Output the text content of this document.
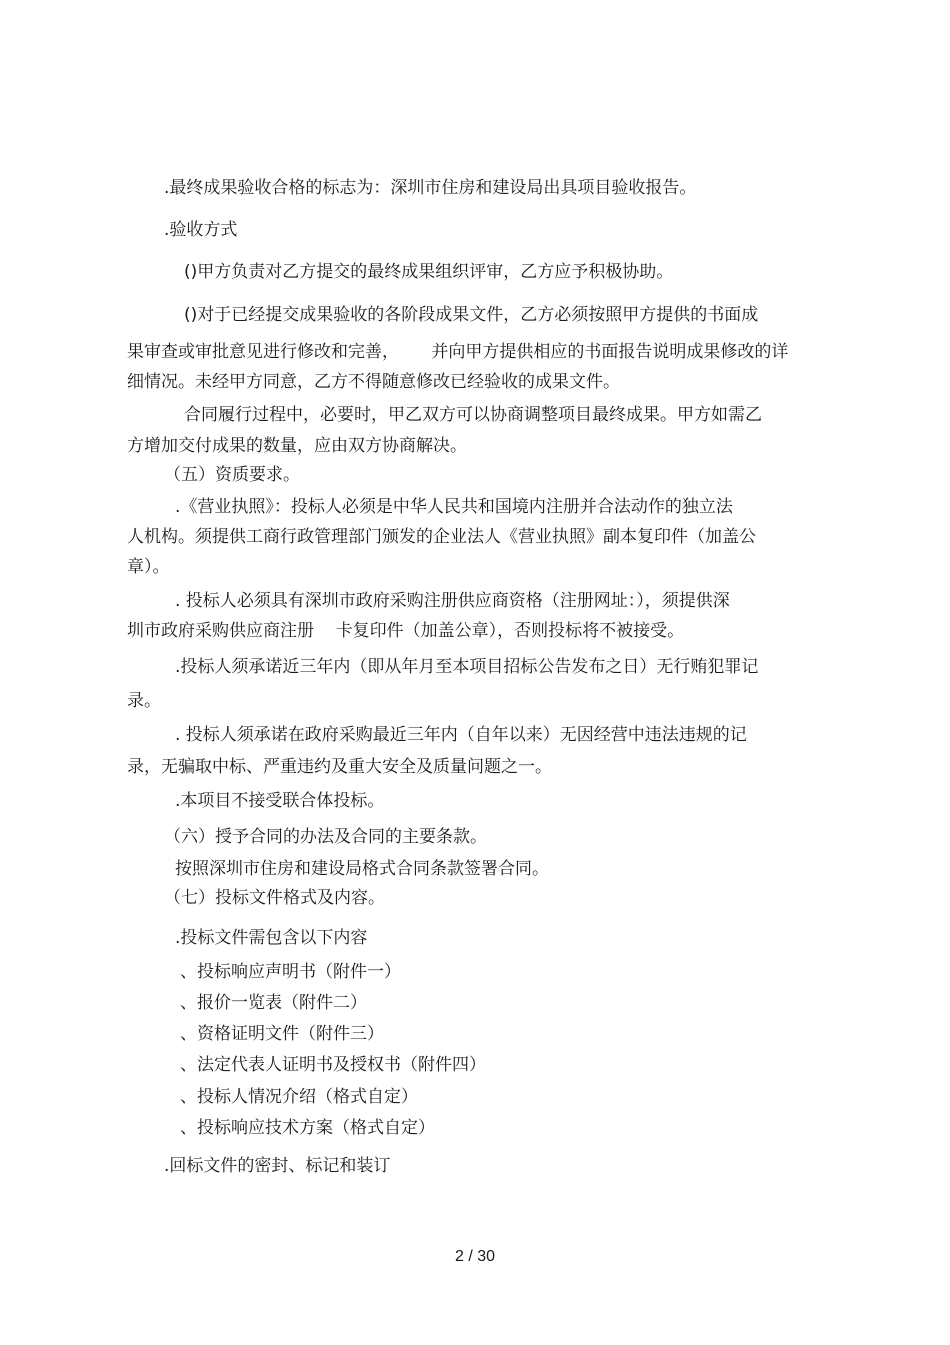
.最终成果验收合格的标志为：深圳市住房和建设局出具项目验收报告。
.验收方式
()甲方负责对乙方提交的最终成果组织评审，乙方应予积极协助。
()对于已经提交成果验收的各阶段成果文件，乙方必须按照甲方提供的书面成
果审查或审批意见进行修改和完善，      并向甲方提供相应的书面报告说明成果修改的详
细情况。未经甲方同意，乙方不得随意修改已经验收的成果文件。
合同履行过程中，必要时，甲乙双方可以协商调整项目最终成果。甲方如需乙
方增加交付成果的数量，应由双方协商解决。
（五）资质要求。
.《营业执照》：投标人必须是中华人民共和国境内注册并合法动作的独立法
人机构。须提供工商行政管理部门颁发的企业法人《营业执照》副本复印件（加盖公
章）。
. 投标人必须具有深圳市政府采购注册供应商资格（注册网址：），须提供深
圳市政府采购供应商注册    卡复印件（加盖公章），否则投标将不被接受。
.投标人须承诺近三年内（即从年月至本项目招标公告发布之日）无行贿犯罪记
录。
. 投标人须承诺在政府采购最近三年内（自年以来）无因经营中违法违规的记
录，无骗取中标、严重违约及重大安全及质量问题之一。
.本项目不接受联合体投标。
（六）授予合同的办法及合同的主要条款。
按照深圳市住房和建设局格式合同条款签署合同。
（七）投标文件格式及内容。
.投标文件需包含以下内容
、投标响应声明书（附件一）
、报价一览表（附件二）
、资格证明文件（附件三）
、法定代表人证明书及授权书（附件四）
、投标人情况介绍（格式自定）
、投标响应技术方案（格式自定）
.回标文件的密封、标记和装订
2 / 30
